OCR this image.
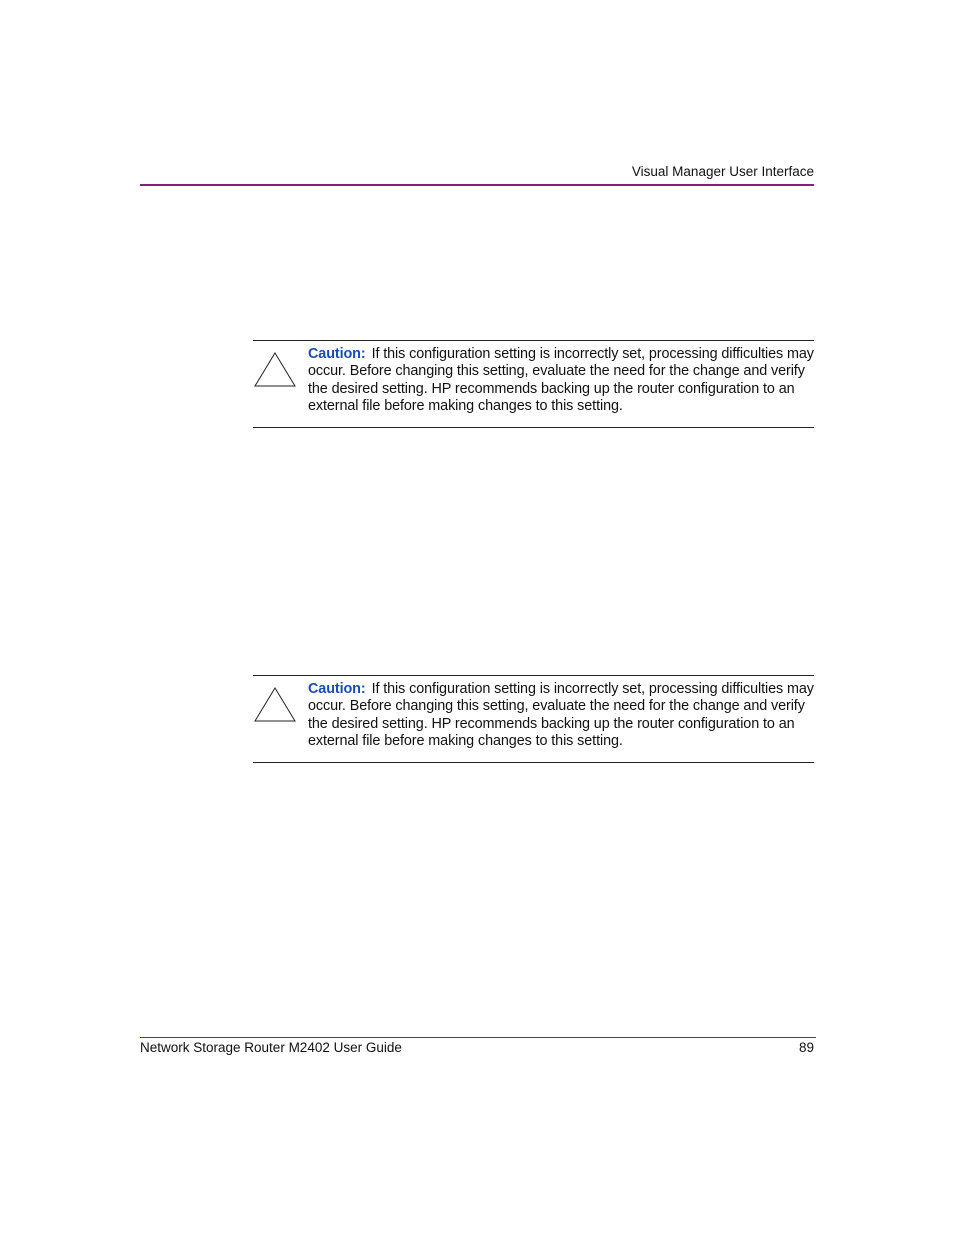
Visual Manager User Interface
Caution: If this configuration setting is incorrectly set, processing difficulties may occur. Before changing this setting, evaluate the need for the change and verify the desired setting. HP recommends backing up the router configuration to an external file before making changes to this setting.
Caution: If this configuration setting is incorrectly set, processing difficulties may occur. Before changing this setting, evaluate the need for the change and verify the desired setting. HP recommends backing up the router configuration to an external file before making changes to this setting.
Network Storage Router M2402 User Guide	89
